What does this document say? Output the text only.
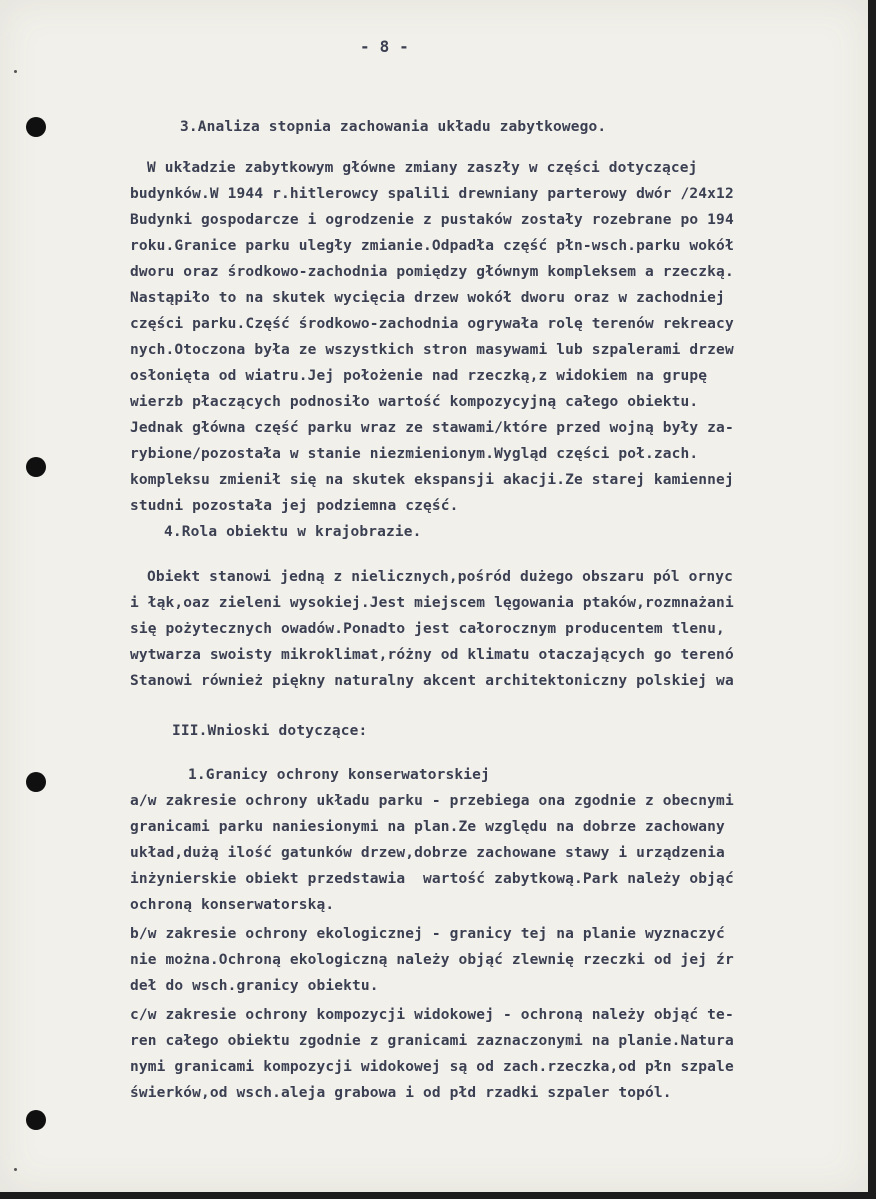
- 8 -
3.Analiza stopnia zachowania układu zabytkowego.
W układzie zabytkowym główne zmiany zaszły w części dotyczącej
budynków.W 1944 r.hitlerowcy spalili drewniany parterowy dwór /24x12
Budynki gospodarcze i ogrodzenie z pustaków zostały rozebrane po 194
roku.Granice parku uległy zmianie.Odpadła część płn-wsch.parku wokół
dworu oraz środkowo-zachodnia pomiędzy głównym kompleksem a rzeczką.
Nastąpiło to na skutek wycięcia drzew wokół dworu oraz w zachodniej
części parku.Część środkowo-zachodnia ogrywała rolę terenów rekreacy
nych.Otoczona była ze wszystkich stron masywami lub szpalerami drzew
osłonięta od wiatru.Jej położenie nad rzeczką,z widokiem na grupę
wierzb płaczących podnosiło wartość kompozycyjną całego obiektu.
Jednak główna część parku wraz ze stawami/które przed wojną były za-
rybione/pozostała w stanie niezmienionym.Wygląd części poł.zach.
kompleksu zmienił się na skutek ekspansji akacji.Ze starej kamiennej
studni pozostała jej podziemna część.
4.Rola obiektu w krajobrazie.
Obiekt stanowi jedną z nielicznych,pośród dużego obszaru pól ornyc
i łąk,oaz zieleni wysokiej.Jest miejscem lęgowania ptaków,rozmnażani
się pożytecznych owadów.Ponadto jest całorocznym producentem tlenu,
wytwarza swoisty mikroklimat,różny od klimatu otaczających go terenó
Stanowi również piękny naturalny akcent architektoniczny polskiej wa
III.Wnioski dotyczące:
1.Granicy ochrony konserwatorskiej
a/w zakresie ochrony układu parku - przebiega ona zgodnie z obecnymi
granicami parku naniesionymi na plan.Ze względu na dobrze zachowany
układ,dużą ilość gatunków drzew,dobrze zachowane stawy i urządzenia
inżynierskie obiekt przedstawia  wartość zabytkową.Park należy objąć
ochroną konserwatorską.
b/w zakresie ochrony ekologicznej - granicy tej na planie wyznaczyć
nie można.Ochroną ekologiczną należy objąć zlewnię rzeczki od jej źr
deł do wsch.granicy obiektu.
c/w zakresie ochrony kompozycji widokowej - ochroną należy objąć te-
ren całego obiektu zgodnie z granicami zaznaczonymi na planie.Natura
nymi granicami kompozycji widokowej są od zach.rzeczka,od płn szpale
świerków,od wsch.aleja grabowa i od płd rzadki szpaler topól.
